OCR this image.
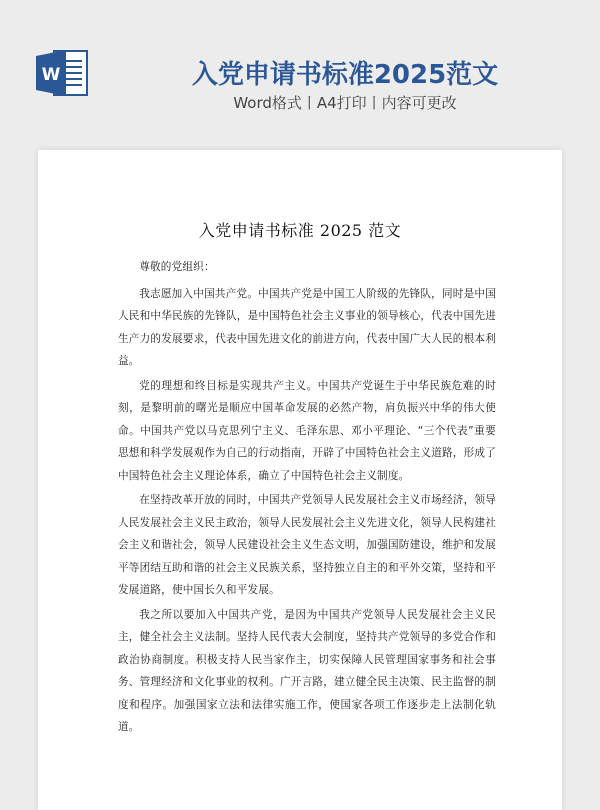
W	入党申请书标准2025范文
Word格式丨A4打印丨内容可更改
入党申请书标准 2025 范文

尊敬的党组织：

我志愿加入中国共产党。中国共产党是中国工人阶级的先锋队，同时是中国人民和中华民族的先锋队，是中国特色社会主义事业的领导核心，代表中国先进生产力的发展要求，代表中国先进文化的前进方向，代表中国广大人民的根本利益。

党的理想和终目标是实现共产主义。中国共产党诞生于中华民族危难的时刻，是黎明前的曙光是顺应中国革命发展的必然产物，肩负振兴中华的伟大使命。中国共产党以马克思列宁主义、毛泽东思、邓小平理论、“三个代表”重要思想和科学发展观作为自己的行动指南，开辟了中国特色社会主义道路，形成了中国特色社会主义理论体系，确立了中国特色社会主义制度。

在坚持改革开放的同时，中国共产党领导人民发展社会主义市场经济，领导人民发展社会主义民主政治，领导人民发展社会主义先进文化，领导人民构建社会主义和谐社会，领导人民建设社会主义生态文明，加强国防建设，维护和发展平等团结互助和谐的社会主义民族关系，坚持独立自主的和平外交策，坚持和平发展道路，使中国长久和平发展。

我之所以要加入中国共产党，是因为中国共产党领导人民发展社会主义民主，健全社会主义法制。坚持人民代表大会制度，坚持共产党领导的多党合作和政治协商制度。积极支持人民当家作主，切实保障人民管理国家事务和社会事务、管理经济和文化事业的权利。广开言路，建立健全民主决策、民主监督的制度和程序。加强国家立法和法律实施工作，使国家各项工作逐步走上法制化轨道。
